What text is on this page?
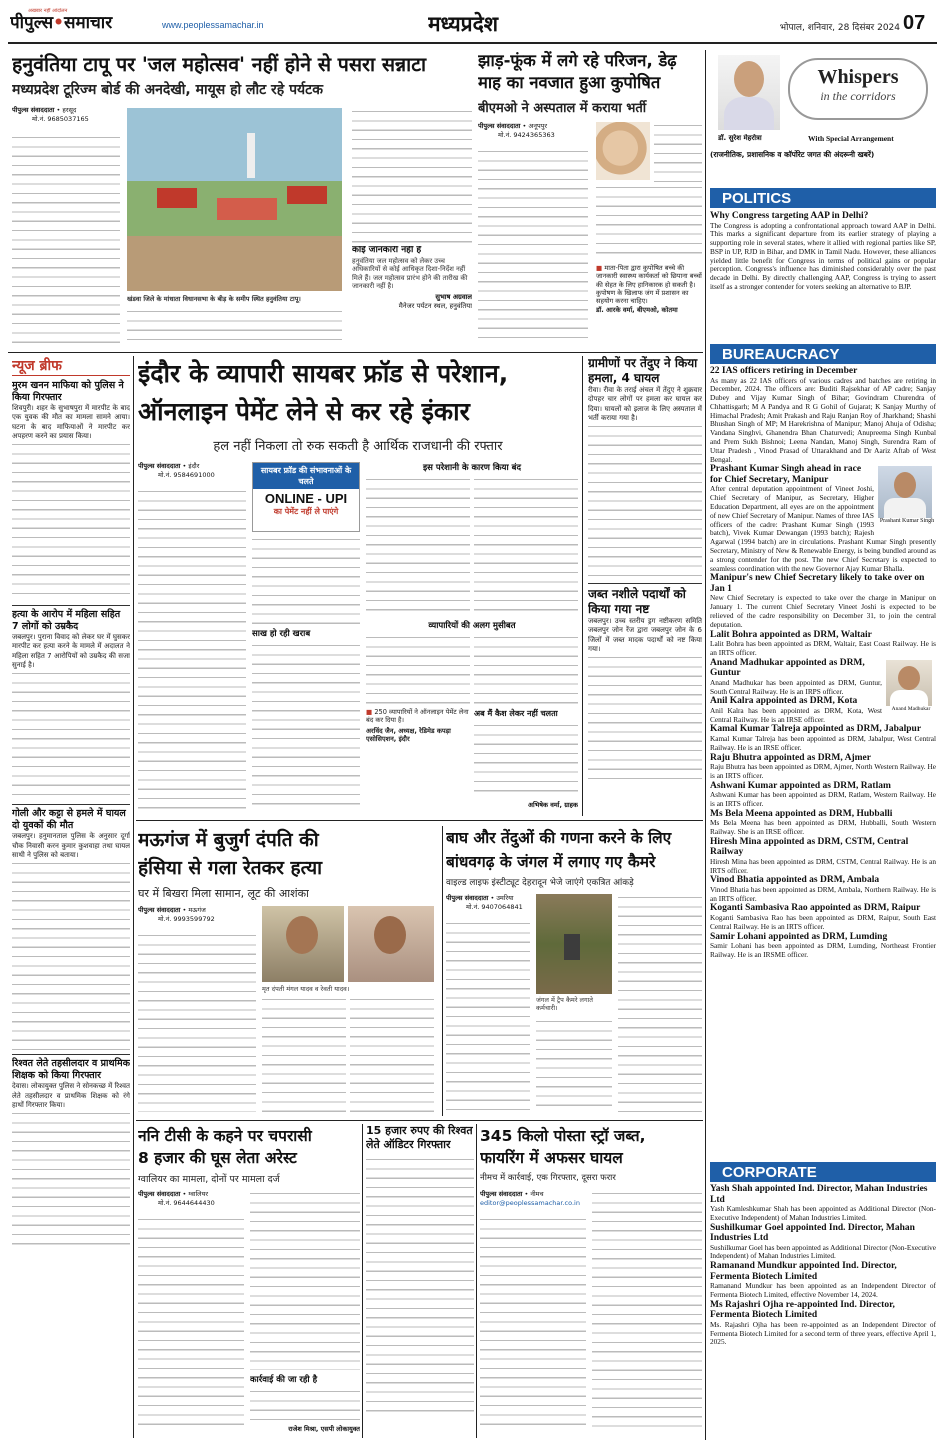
पीपुल्स•समाचार
अखबार नहीं आंदोलन
www.peoplessamachar.in	मध्यप्रदेश	भोपाल, शनिवार, 28 दिसंबर 2024 07
हनुवंतिया टापू पर 'जल महोत्सव' नहीं होने से पसरा सन्नाटा
मध्यप्रदेश टूरिज्म बोर्ड की अनदेखी, मायूस हो लौट रहे पर्यटक
पीपुल्स संवाददाता • हरसूद
मो.नं. 9685037165
खंडवा जिले के मांधाता विधानसभा के बीड़ के समीप स्थित हनुवंतिया टापू।
कोई जानकारी नहीं है
हनुवंतिया जल महोत्सव को लेकर उच्च अधिकारियों से कोई आधिकृत दिशा-निर्देश नहीं मिले हैं। जल महोत्सव प्रारंभ होने की तारीख की जानकारी नहीं है।
सुभाष अग्रवाल
मैनेजर पर्यटन स्थल, हनुवंतिया
झाड़-फूंक में लगे रहे परिजन, डेढ़ माह का नवजात हुआ कुपोषित
बीएमओ ने अस्पताल में कराया भर्ती
पीपुल्स संवाददाता • अनूपपुर
मो.नं. 9424365363
■ माता-पिता द्वारा कुपोषित बच्चे की जानकारी स्वास्थ्य कार्यकर्ता को छिपाना बच्चों की सेहत के लिए हानिकारक हो सकती है। कुपोषण के खिलाफ जंग में प्रशासन का सहयोग करना चाहिए।
डॉ. आरके वर्मा, बीएमओ, कोतमा
Whispers
in the corridors
डॉ. सुरेश मेहरोत्रा	With Special Arrangement
(राजनीतिक, प्रशासनिक व कॉर्पोरेट जगत की अंदरूनी खबरें)
POLITICS
Why Congress targeting AAP in Delhi?
The Congress is adopting a confrontational approach toward AAP in Delhi. This marks a significant departure from its earlier strategy of playing a supporting role in several states, where it allied with regional parties like SP, BSP in UP, RJD in Bihar, and DMK in Tamil Nadu. However, these alliances yielded little benefit for Congress in terms of political gains or popular perception. Congress's influence has diminished considerably over the past decade in Delhi. By directly challenging AAP, Congress is trying to assert itself as a stronger contender for voters seeking an alternative to BJP.
BUREAUCRACY
22 IAS officers retiring in December
As many as 22 IAS officers of various cadres and batches are retiring in December, 2024. The officers are: Buditi Rajsekhar of AP cadre; Sanjay Dubey and Vijay Kumar Singh of Bihar; Govindram Churendra of Chhattisgarh; M A Pandya and R G Gohil of Gujarat; K Sanjay Murthy of Himachal Pradesh; Amit Prakash and Raju Ranjan Roy of Jharkhand; Shashi Bhushan Singh of MP; M Harekrishna of Manipur; Manoj Ahuja of Odisha; Vandana Singhvi, Ghanendra Bhan Chaturvedi; Anupreema Singh Kunbal and Prem Sukh Bishnoi; Leena Nandan, Manoj Singh, Surendra Ram of Uttar Pradesh , Vinod Prasad of Uttarakhand and Dr Aariz Aftab of West Bengal.
Prashant Kumar Singh
Prashant Kumar Singh ahead in race for Chief Secretary, Manipur
After central deputation appointment of Vineet Joshi, Chief Secretary of Manipur, as Secretary, Higher Education Department, all eyes are on the appointment of new Chief Secretary of Manipur. Names of three IAS officers of the cadre: Prashant Kumar Singh (1993 batch), Vivek Kumar Dewangan (1993 batch); Rajesh Agarwal (1994 batch) are in circulations. Prashant Kumar Singh presently Secretary, Ministry of New & Renewable Energy, is being bundled around as a strong contender for the post. The new Chief Secretary is expected to seamless coordination with the new Governor Ajay Kumar Bhalla.
Manipur's new Chief Secretary likely to take over on Jan 1
New Chief Secretary is expected to take over the charge in Manipur on January 1. The current Chief Secretary Vineet Joshi is expected to be relieved of the cadre responsibility on December 31, to join the central deputation.
Lalit Bohra appointed as DRM, Waltair
Lalit Bohra has been appointed as DRM, Waltair, East Coast Railway. He is an IRTS officer.
Anand Madhukar
Anand Madhukar appointed as DRM, Guntur
Anand Madhukar has been appointed as DRM, Guntur, South Central Railway. He is an IRPS officer.
Anil Kalra appointed as DRM, Kota
Anil Kalra has been appointed as DRM, Kota, West Central Railway. He is an IRSE officer.
Kamal Kumar Talreja appointed as DRM, Jabalpur
Kamal Kumar Talreja has been appointed as DRM, Jabalpur, West Central Railway. He is an IRSE officer.
Raju Bhutra appointed as DRM, Ajmer
Raju Bhutra has been appointed as DRM, Ajmer, North Western Railway. He is an IRTS officer.
Ashwani Kumar appointed as DRM, Ratlam
Ashwani Kumar has been appointed as DRM, Ratlam, Western Railway. He is an IRTS officer.
Ms Bela Meena appointed as DRM, Hubballi
Ms Bela Meena has been appointed as DRM, Hubballi, South Western Railway. She is an IRSE officer.
Hiresh Mina appointed as DRM, CSTM, Central Railway
Hiresh Mina has been appointed as DRM, CSTM, Central Railway. He is an IRTS officer.
Vinod Bhatia appointed as DRM, Ambala
Vinod Bhatia has been appointed as DRM, Ambala, Northern Railway. He is an IRTS officer.
Koganti Sambasiva Rao appointed as DRM, Raipur
Koganti Sambasiva Rao has been appointed as DRM, Raipur, South East Central Railway. He is an IRTS officer.
Samir Lohani appointed as DRM, Lumding
Samir Lohani has been appointed as DRM, Lumding, Northeast Frontier Railway. He is an IRSME officer.
CORPORATE
Yash Shah appointed Ind. Director, Mahan Industries Ltd
Yash Kamleshkumar Shah has been appointed as Additional Director (Non-Executive Independent) of Mahan Industries Limited.
Sushilkumar Goel appointed Ind. Director, Mahan Industries Ltd
Sushilkumar Goel has been appointed as Additional Director (Non-Executive Independent) of Mahan Industries Limited.
Ramanand Mundkur appointed Ind. Director, Fermenta Biotech Limited
Ramanand Mundkur has been appointed as an Independent Director of Fermenta Biotech Limited, effective November 14, 2024.
Ms Rajashri Ojha re-appointed Ind. Director, Fermenta Biotech Limited
Ms. Rajashri Ojha has been re-appointed as an Independent Director of Fermenta Biotech Limited for a second term of three years, effective April 1, 2025.
न्यूज ब्रीफ
मुरम खनन माफिया को पुलिस ने किया गिरफ्तार
शिवपुरी। शहर के सुभाषपुरा में मारपीट के बाद एक युवक की मौत का मामला सामने आया। घटना के बाद माफियाओं ने मारपीट कर अपहरण करने का प्रयास किया।
हत्या के आरोप में महिला सहित 7 लोगों को उम्रकैद
जबलपुर। पुराना विवाद को लेकर घर में घुसकर मारपीट कर हत्या करने के मामले में अदालत ने महिला सहित 7 आरोपियों को उम्रकैद की सजा सुनाई है।
गोली और कट्टा से हमले में घायल दो युवकों की मौत
जबलपुर। हनुमानताल पुलिस के अनुसार दूर्गा चौक निवासी करन कुमार कुशवाहा तथा घायल साथी ने पुलिस को बताया।
रिश्वत लेते तहसीलदार व प्राथमिक शिक्षक को किया गिरफ्तार
देवास। लोकायुक्त पुलिस ने सोनकच्छ में रिश्वत लेते तहसीलदार व प्राथमिक शिक्षक को रंगे हाथों गिरफ्तार किया।
इंदौर के व्यापारी सायबर फ्रॉड से परेशान,
ऑनलाइन पेमेंट लेने से कर रहे इंकार
हल नहीं निकला तो रुक सकती है आर्थिक राजधानी की रफ्तार
पीपुल्स संवाददाता • इंदौर
मो.नं. 9584691000	सायबर फ्रॉड की संभावनाओं के चलते
ONLINE - UPI
का पेमेंट नहीं ले पाएंगे
साख हो रही खराब
इस परेशानी के कारण किया बंद
व्यापारियों की अलग मुसीबत
■ 250 व्यापारियों ने ऑनलाइन पेमेंट लेना बंद कर दिया है।
अरविंद जैन, अध्यक्ष, रेडिमेड कपड़ा एसोसिएशन, इंदौर
अब मैं कैश लेकर नहीं चलता
अभिषेक वर्मा, ग्राहक
ग्रामीणों पर तेंदुए ने किया हमला, 4 घायल
रीवा। रीवा के तराई अंचल में तेंदुए ने शुक्रवार दोपहर चार लोगों पर हमला कर घायल कर दिया। घायलों को इलाज के लिए अस्पताल में भर्ती कराया गया है।
जब्त नशीले पदार्थों को किया गया नष्ट
जबलपुर। उच्च स्तरीय ड्रग नष्टीकरण समिति जबलपुर जोन रेंज द्वारा जबलपुर जोन के 6 जिलों में जब्त मादक पदार्थों को नष्ट किया गया।
मऊगंज में बुजुर्ग दंपति की
हंसिया से गला रेतकर हत्या
घर में बिखरा मिला सामान, लूट की आशंका
पीपुल्स संवाददाता • मऊगंज
मो.नं. 9993599792
मृत दंपती मंगल यादव व रेवती यादव।
बाघ और तेंदुओं की गणना करने के लिए
बांधवगढ़ के जंगल में लगाए गए कैमरे
वाइल्ड लाइफ इंस्टीट्यूट देहरादून भेजे जाएंगे एकत्रित आंकड़े
पीपुल्स संवाददाता • उमरिया
मो.नं. 9407064841
जंगल में ट्रैप कैमरे लगाते कर्मचारी।
ननि टीसी के कहने पर चपरासी
8 हजार की घूस लेता अरेस्ट
ग्वालियर का मामला, दोनों पर मामला दर्ज
पीपुल्स संवाददाता • ग्वालियर
मो.नं. 9644644430
कार्रवाई की जा रही है
राजेश मिश्रा, एसपी लोकायुक्त
15 हजार रुपए की रिश्वत लेते ऑडिटर गिरफ्तार	345 किलो पोस्ता स्ट्रॉ जब्त,
फायरिंग में अफसर घायल
नीमच में कार्रवाई, एक गिरफ्तार, दूसरा फरार
पीपुल्स संवाददाता • नीमच
editor@peoplessamachar.co.in
